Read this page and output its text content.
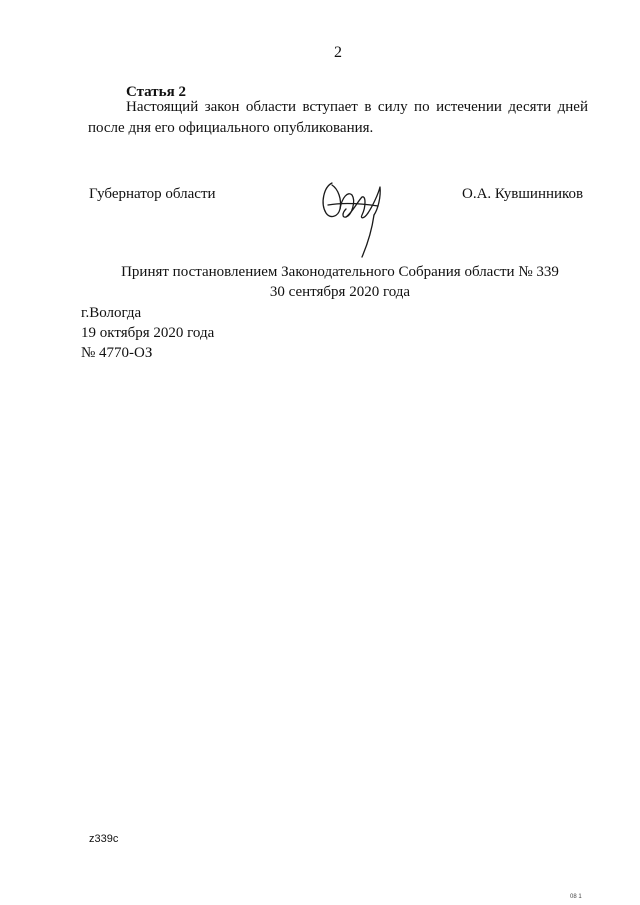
2
Статья 2
Настоящий закон области вступает в силу по истечении десяти дней
после дня его официального опубликования.
Губернатор области	О.А. Кувшинников
Принят постановлением Законодательного Собрания области № 339
30 сентября 2020 года
г.Вологда
19 октября 2020 года
№ 4770-ОЗ
z339c
08 1
